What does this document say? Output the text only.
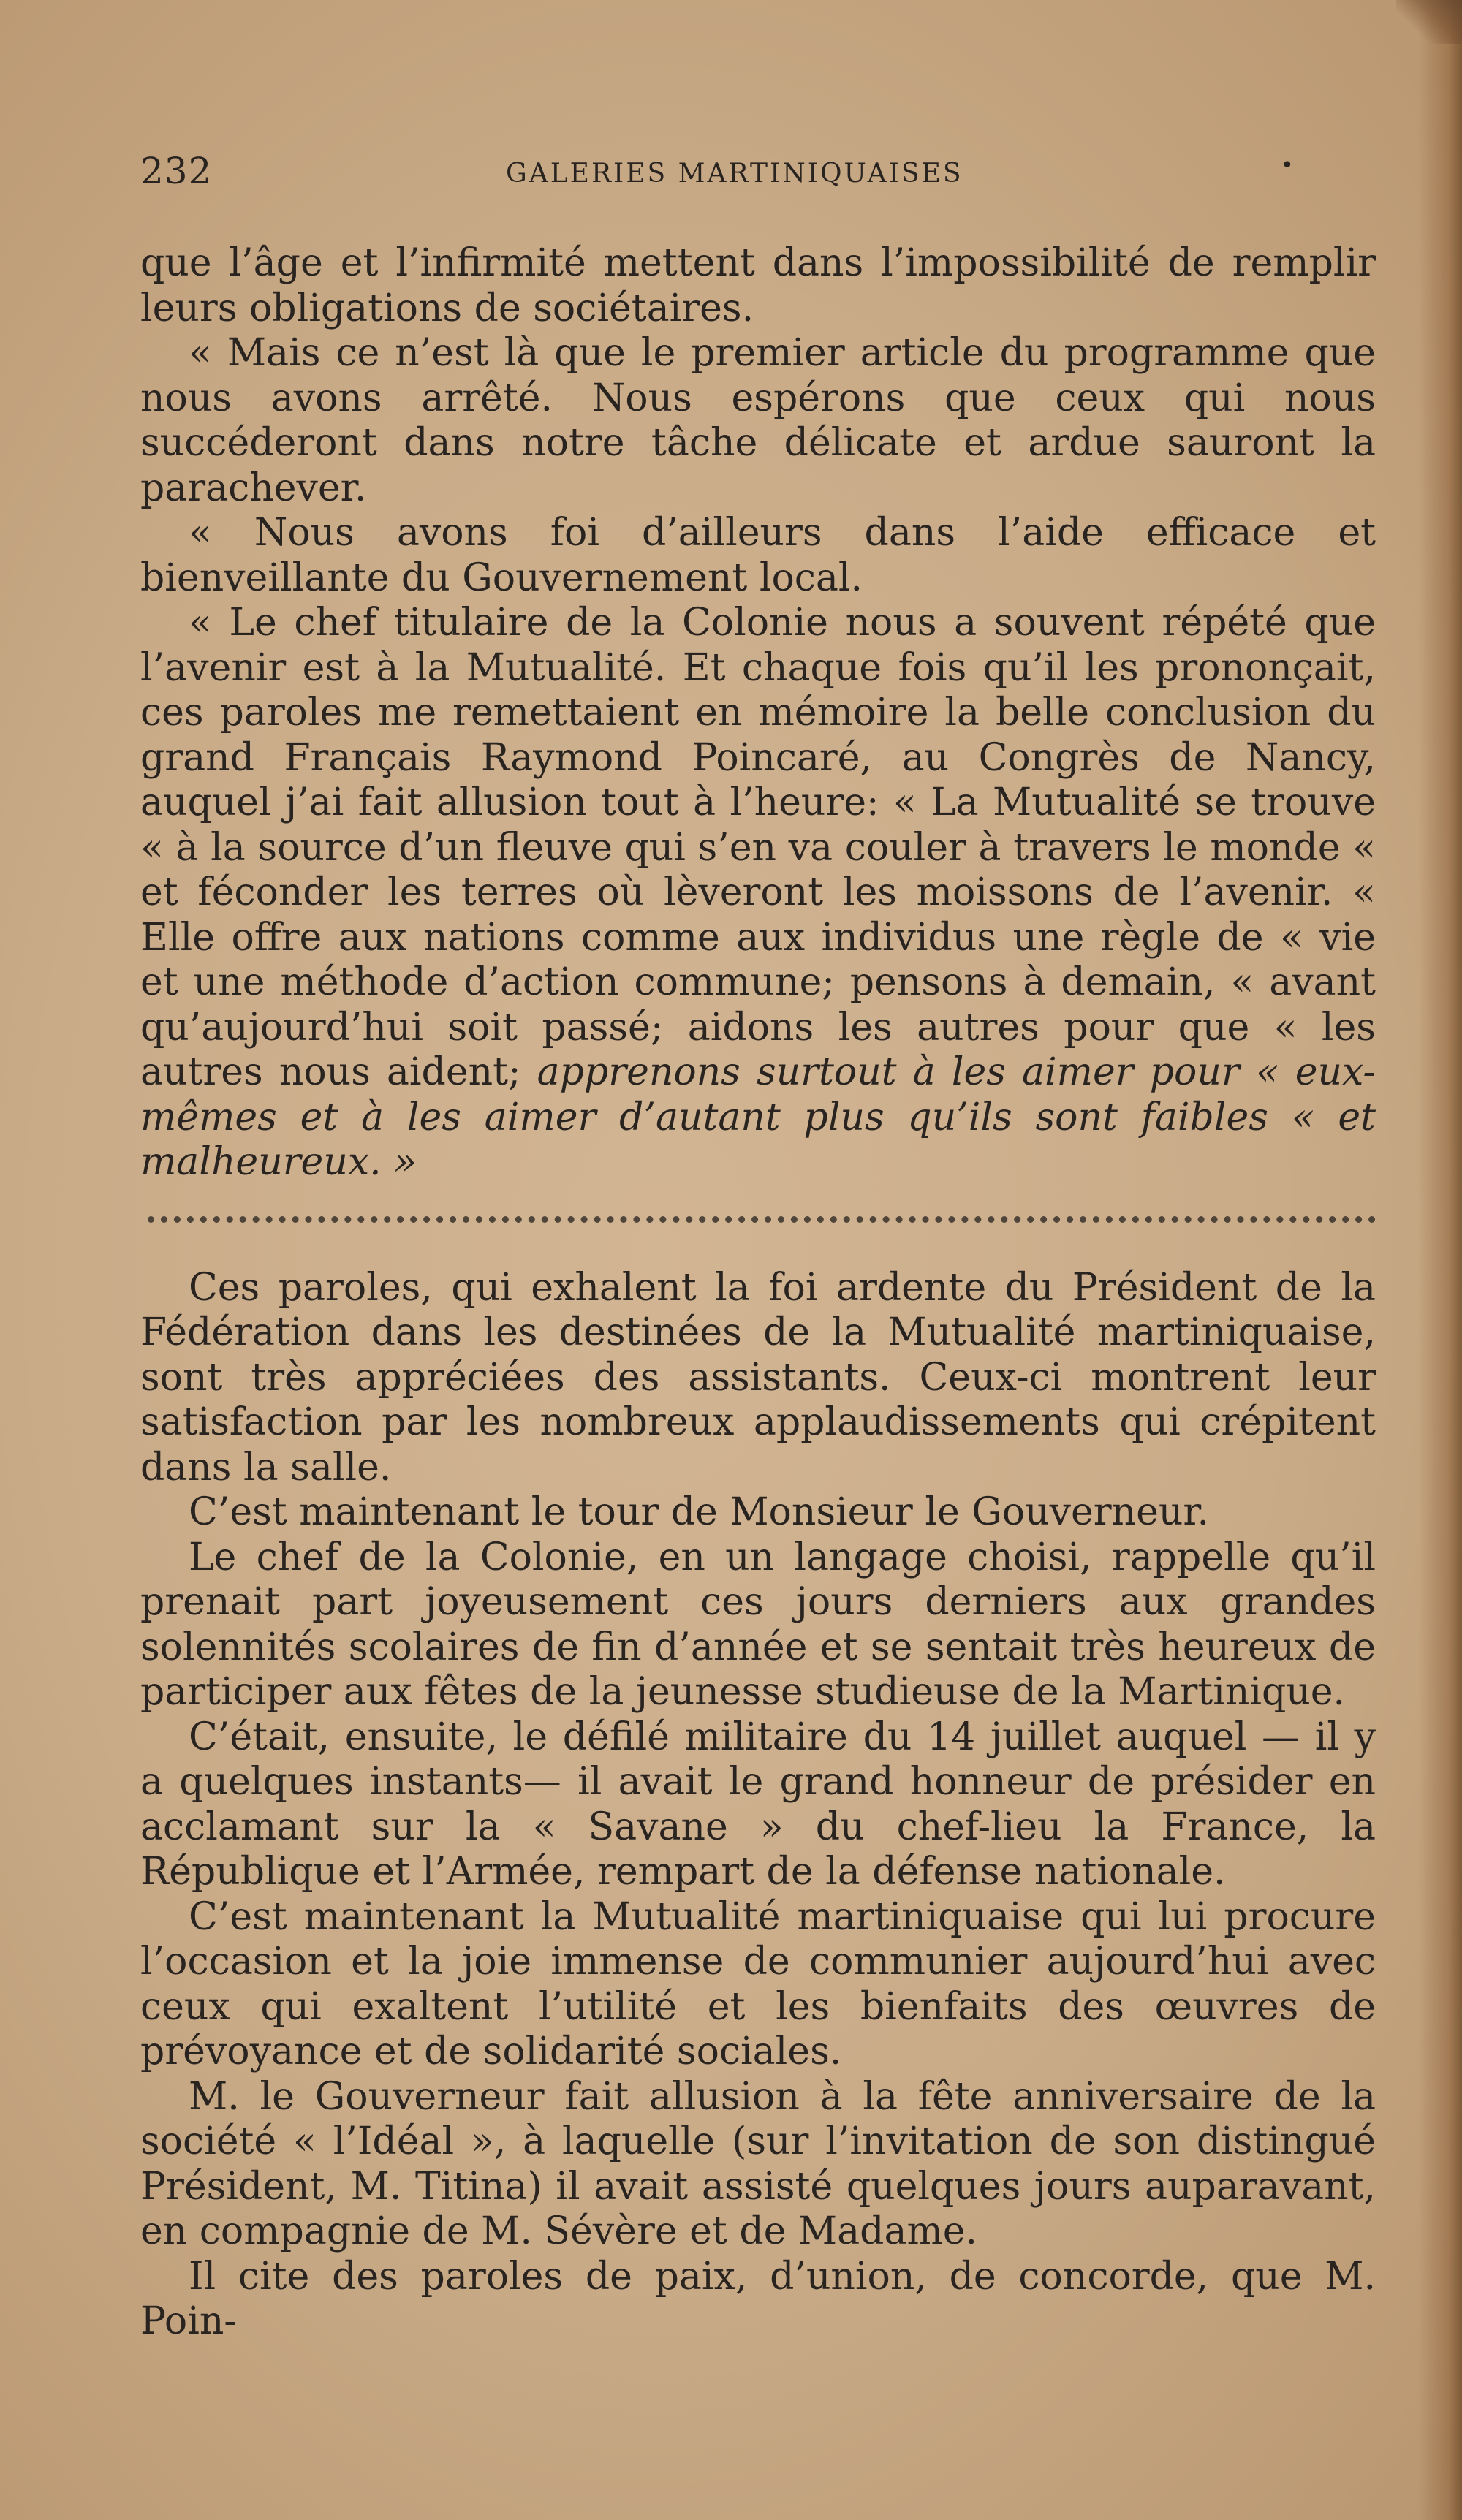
232	GALERIES MARTINIQUAISES	•

que l’âge et l’infirmité mettent dans l’impossibilité de remplir leurs obligations de sociétaires.

« Mais ce n’est là que le premier article du programme que nous avons arrêté. Nous espérons que ceux qui nous succéderont dans notre tâche délicate et ardue sauront la parachever.

« Nous avons foi d’ailleurs dans l’aide efficace et bienveillante du Gouvernement local.

« Le chef titulaire de la Colonie nous a souvent répété que l’avenir est à la Mutualité. Et chaque fois qu’il les prononçait, ces paroles me remettaient en mémoire la belle conclusion du grand Français Raymond Poincaré, au Congrès de Nancy, auquel j’ai fait allusion tout à l’heure: « La Mutualité se trouve « à la source d’un fleuve qui s’en va couler à travers le monde « et féconder les terres où lèveront les moissons de l’avenir. « Elle offre aux nations comme aux individus une règle de « vie et une méthode d’action commune; pensons à demain, « avant qu’aujourd’hui soit passé; aidons les autres pour que « les autres nous aident; apprenons surtout à les aimer pour « eux-mêmes et à les aimer d’autant plus qu’ils sont faibles « et malheureux. »

Ces paroles, qui exhalent la foi ardente du Président de la Fédération dans les destinées de la Mutualité martiniquaise, sont très appréciées des assistants. Ceux-ci montrent leur satisfaction par les nombreux applaudissements qui crépitent dans la salle.

C’est maintenant le tour de Monsieur le Gouverneur.

Le chef de la Colonie, en un langage choisi, rappelle qu’il prenait part joyeusement ces jours derniers aux grandes solennités scolaires de fin d’année et se sentait très heureux de participer aux fêtes de la jeunesse studieuse de la Martinique.

C’était, ensuite, le défilé militaire du 14 juillet auquel — il y a quelques instants— il avait le grand honneur de présider en acclamant sur la « Savane » du chef-lieu la France, la République et l’Armée, rempart de la défense nationale.

C’est maintenant la Mutualité martiniquaise qui lui procure l’occasion et la joie immense de communier aujourd’hui avec ceux qui exaltent l’utilité et les bienfaits des œuvres de prévoyance et de solidarité sociales.

M. le Gouverneur fait allusion à la fête anniversaire de la société « l’Idéal », à laquelle (sur l’invitation de son distingué Président, M. Titina) il avait assisté quelques jours auparavant, en compagnie de M. Sévère et de Madame.

Il cite des paroles de paix, d’union, de concorde, que M. Poin-
